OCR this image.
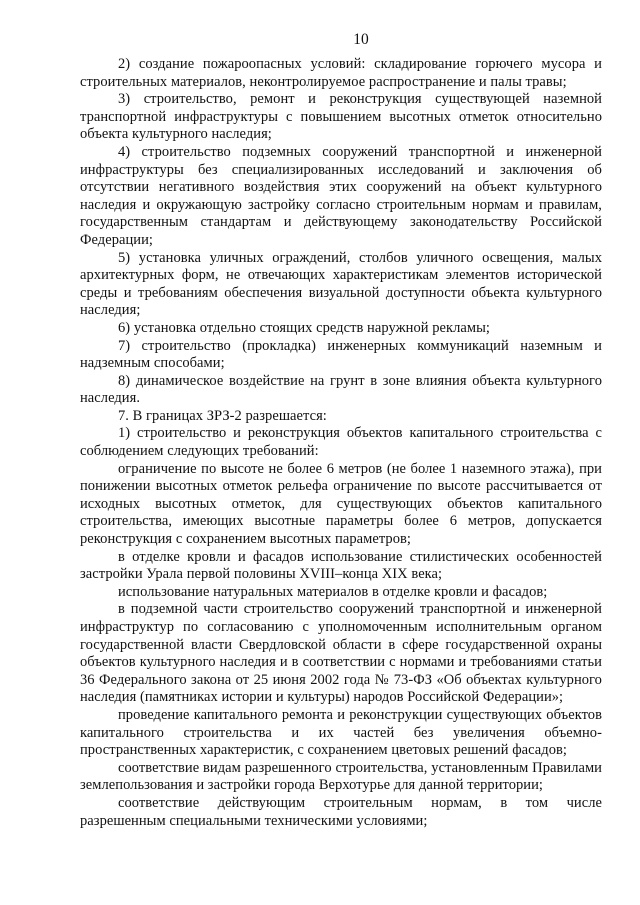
10

2) создание пожароопасных условий: складирование горючего мусора и строительных материалов, неконтролируемое распространение и палы травы;

3) строительство, ремонт и реконструкция существующей наземной транспортной инфраструктуры с повышением высотных отметок относительно объекта культурного наследия;

4) строительство подземных сооружений транспортной и инженерной инфраструктуры без специализированных исследований и заключения об отсутствии негативного воздействия этих сооружений на объект культурного наследия и окружающую застройку согласно строительным нормам и правилам, государственным стандартам и действующему законодательству Российской Федерации;

5) установка уличных ограждений, столбов уличного освещения, малых архитектурных форм, не отвечающих характеристикам элементов исторической среды и требованиям обеспечения визуальной доступности объекта культурного наследия;

6) установка отдельно стоящих средств наружной рекламы;

7) строительство (прокладка) инженерных коммуникаций наземным и надземным способами;

8) динамическое воздействие на грунт в зоне влияния объекта культурного наследия.

7. В границах ЗРЗ-2 разрешается:

1) строительство и реконструкция объектов капитального строительства с соблюдением следующих требований:

ограничение по высоте не более 6 метров (не более 1 наземного этажа), при понижении высотных отметок рельефа ограничение по высоте рассчитывается от исходных высотных отметок, для существующих объектов капитального строительства, имеющих высотные параметры более 6 метров, допускается реконструкция с сохранением высотных параметров;

в отделке кровли и фасадов использование стилистических особенностей застройки Урала первой половины XVIII–конца XIX века;

использование натуральных материалов в отделке кровли и фасадов;

в подземной части строительство сооружений транспортной и инженерной инфраструктур по согласованию с уполномоченным исполнительным органом государственной власти Свердловской области в сфере государственной охраны объектов культурного наследия и в соответствии с нормами и требованиями статьи 36 Федерального закона от 25 июня 2002 года № 73-ФЗ «Об объектах культурного наследия (памятниках истории и культуры) народов Российской Федерации»;

проведение капитального ремонта и реконструкции существующих объектов капитального строительства и их частей без увеличения объемно-пространственных характеристик, с сохранением цветовых решений фасадов;

соответствие видам разрешенного строительства, установленным Правилами землепользования и застройки города Верхотурье для данной территории;

соответствие действующим строительным нормам, в том числе разрешенным специальными техническими условиями;
